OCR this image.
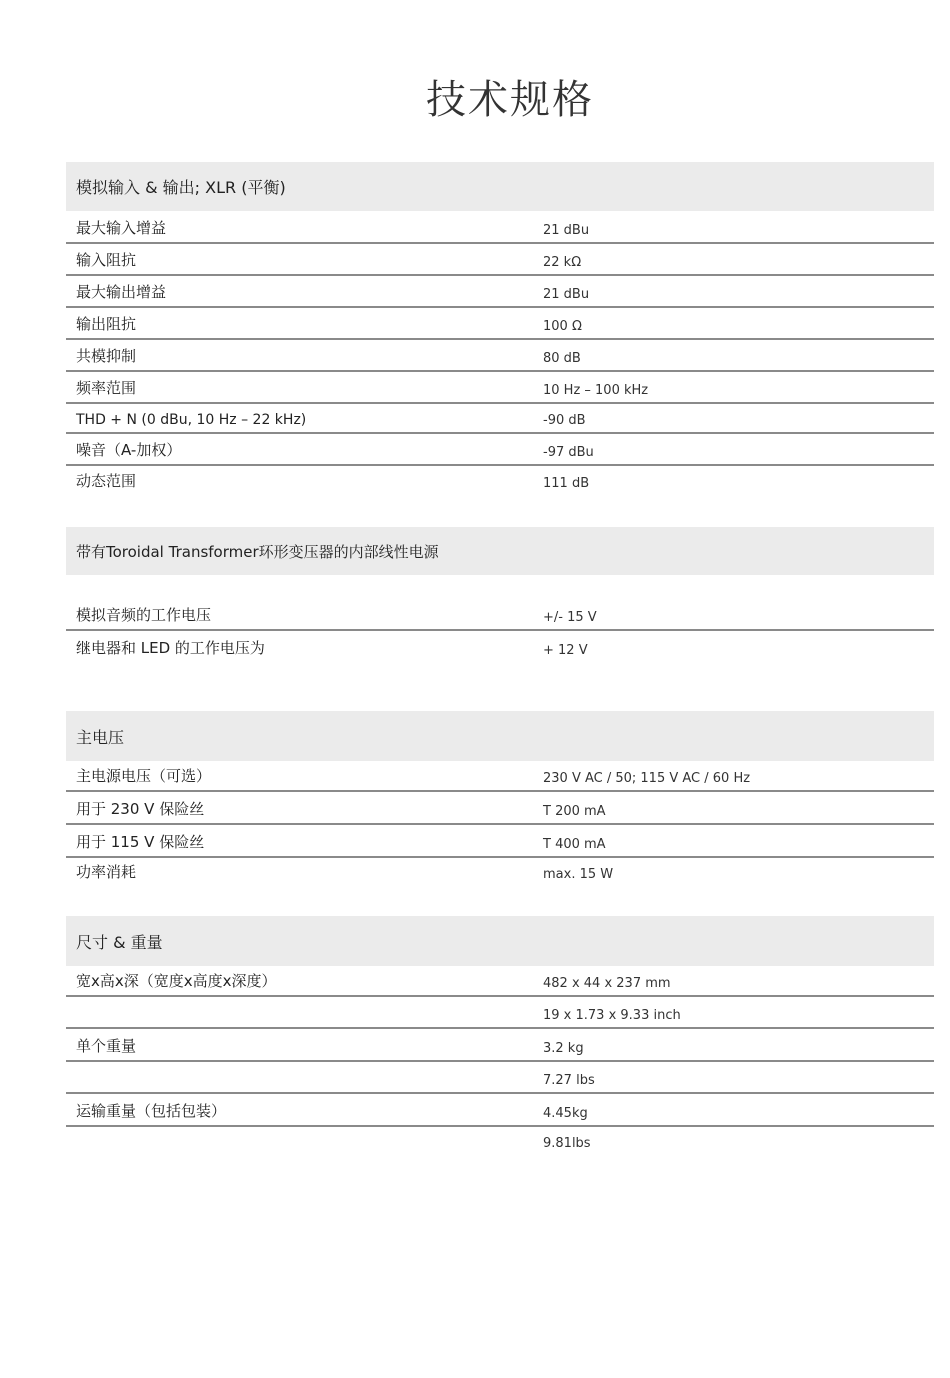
技术规格
模拟输入 & 输出; XLR (平衡)
最大输入增益	21 dBu
输入阻抗	22 kΩ
最大输出增益	21 dBu
输出阻抗	100 Ω
共模抑制	80 dB
频率范围	10 Hz – 100 kHz
THD + N (0 dBu, 10 Hz – 22 kHz)	-90 dB
噪音（A-加权）	-97 dBu
动态范围	111 dB
带有Toroidal Transformer环形变压器的内部线性电源
模拟音频的工作电压	+/- 15 V
继电器和 LED 的工作电压为	+ 12 V
主电压
主电源电压（可选）	230 V AC / 50; 115 V AC / 60 Hz
用于 230 V 保险丝	T 200 mA
用于 115 V 保险丝	T 400 mA
功率消耗	max. 15 W
尺寸 & 重量
宽x高x深（宽度x高度x深度）	482 x 44 x 237 mm
19 x 1.73 x 9.33 inch
单个重量	3.2 kg
7.27 lbs
运输重量（包括包装）	4.45kg
9.81lbs
